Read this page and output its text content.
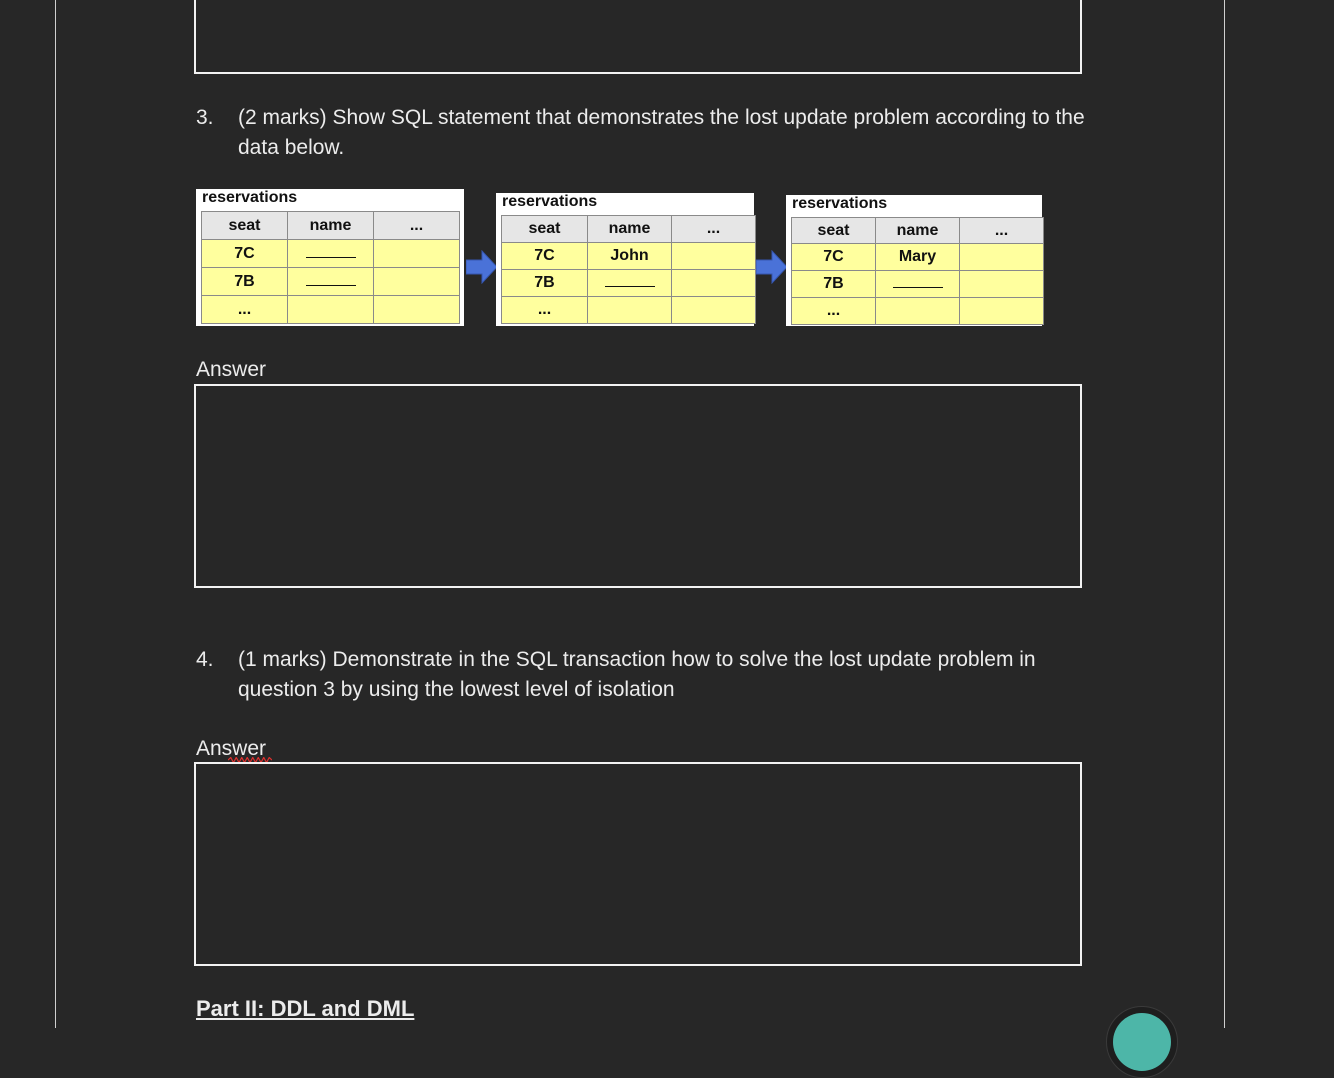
3. (2 marks) Show SQL statement that demonstrates the lost update problem according to the data below.
reservations
seat	name	...
7C		
7B		
...		
reservations
seat	name	...
7C	John	
7B		
...		
reservations
seat	name	...
7C	Mary	
7B		
...		
Answer
4. (1 marks) Demonstrate in the SQL transaction how to solve the lost update problem in question 3 by using the lowest level of isolation
Answer
Part II: DDL and DML
